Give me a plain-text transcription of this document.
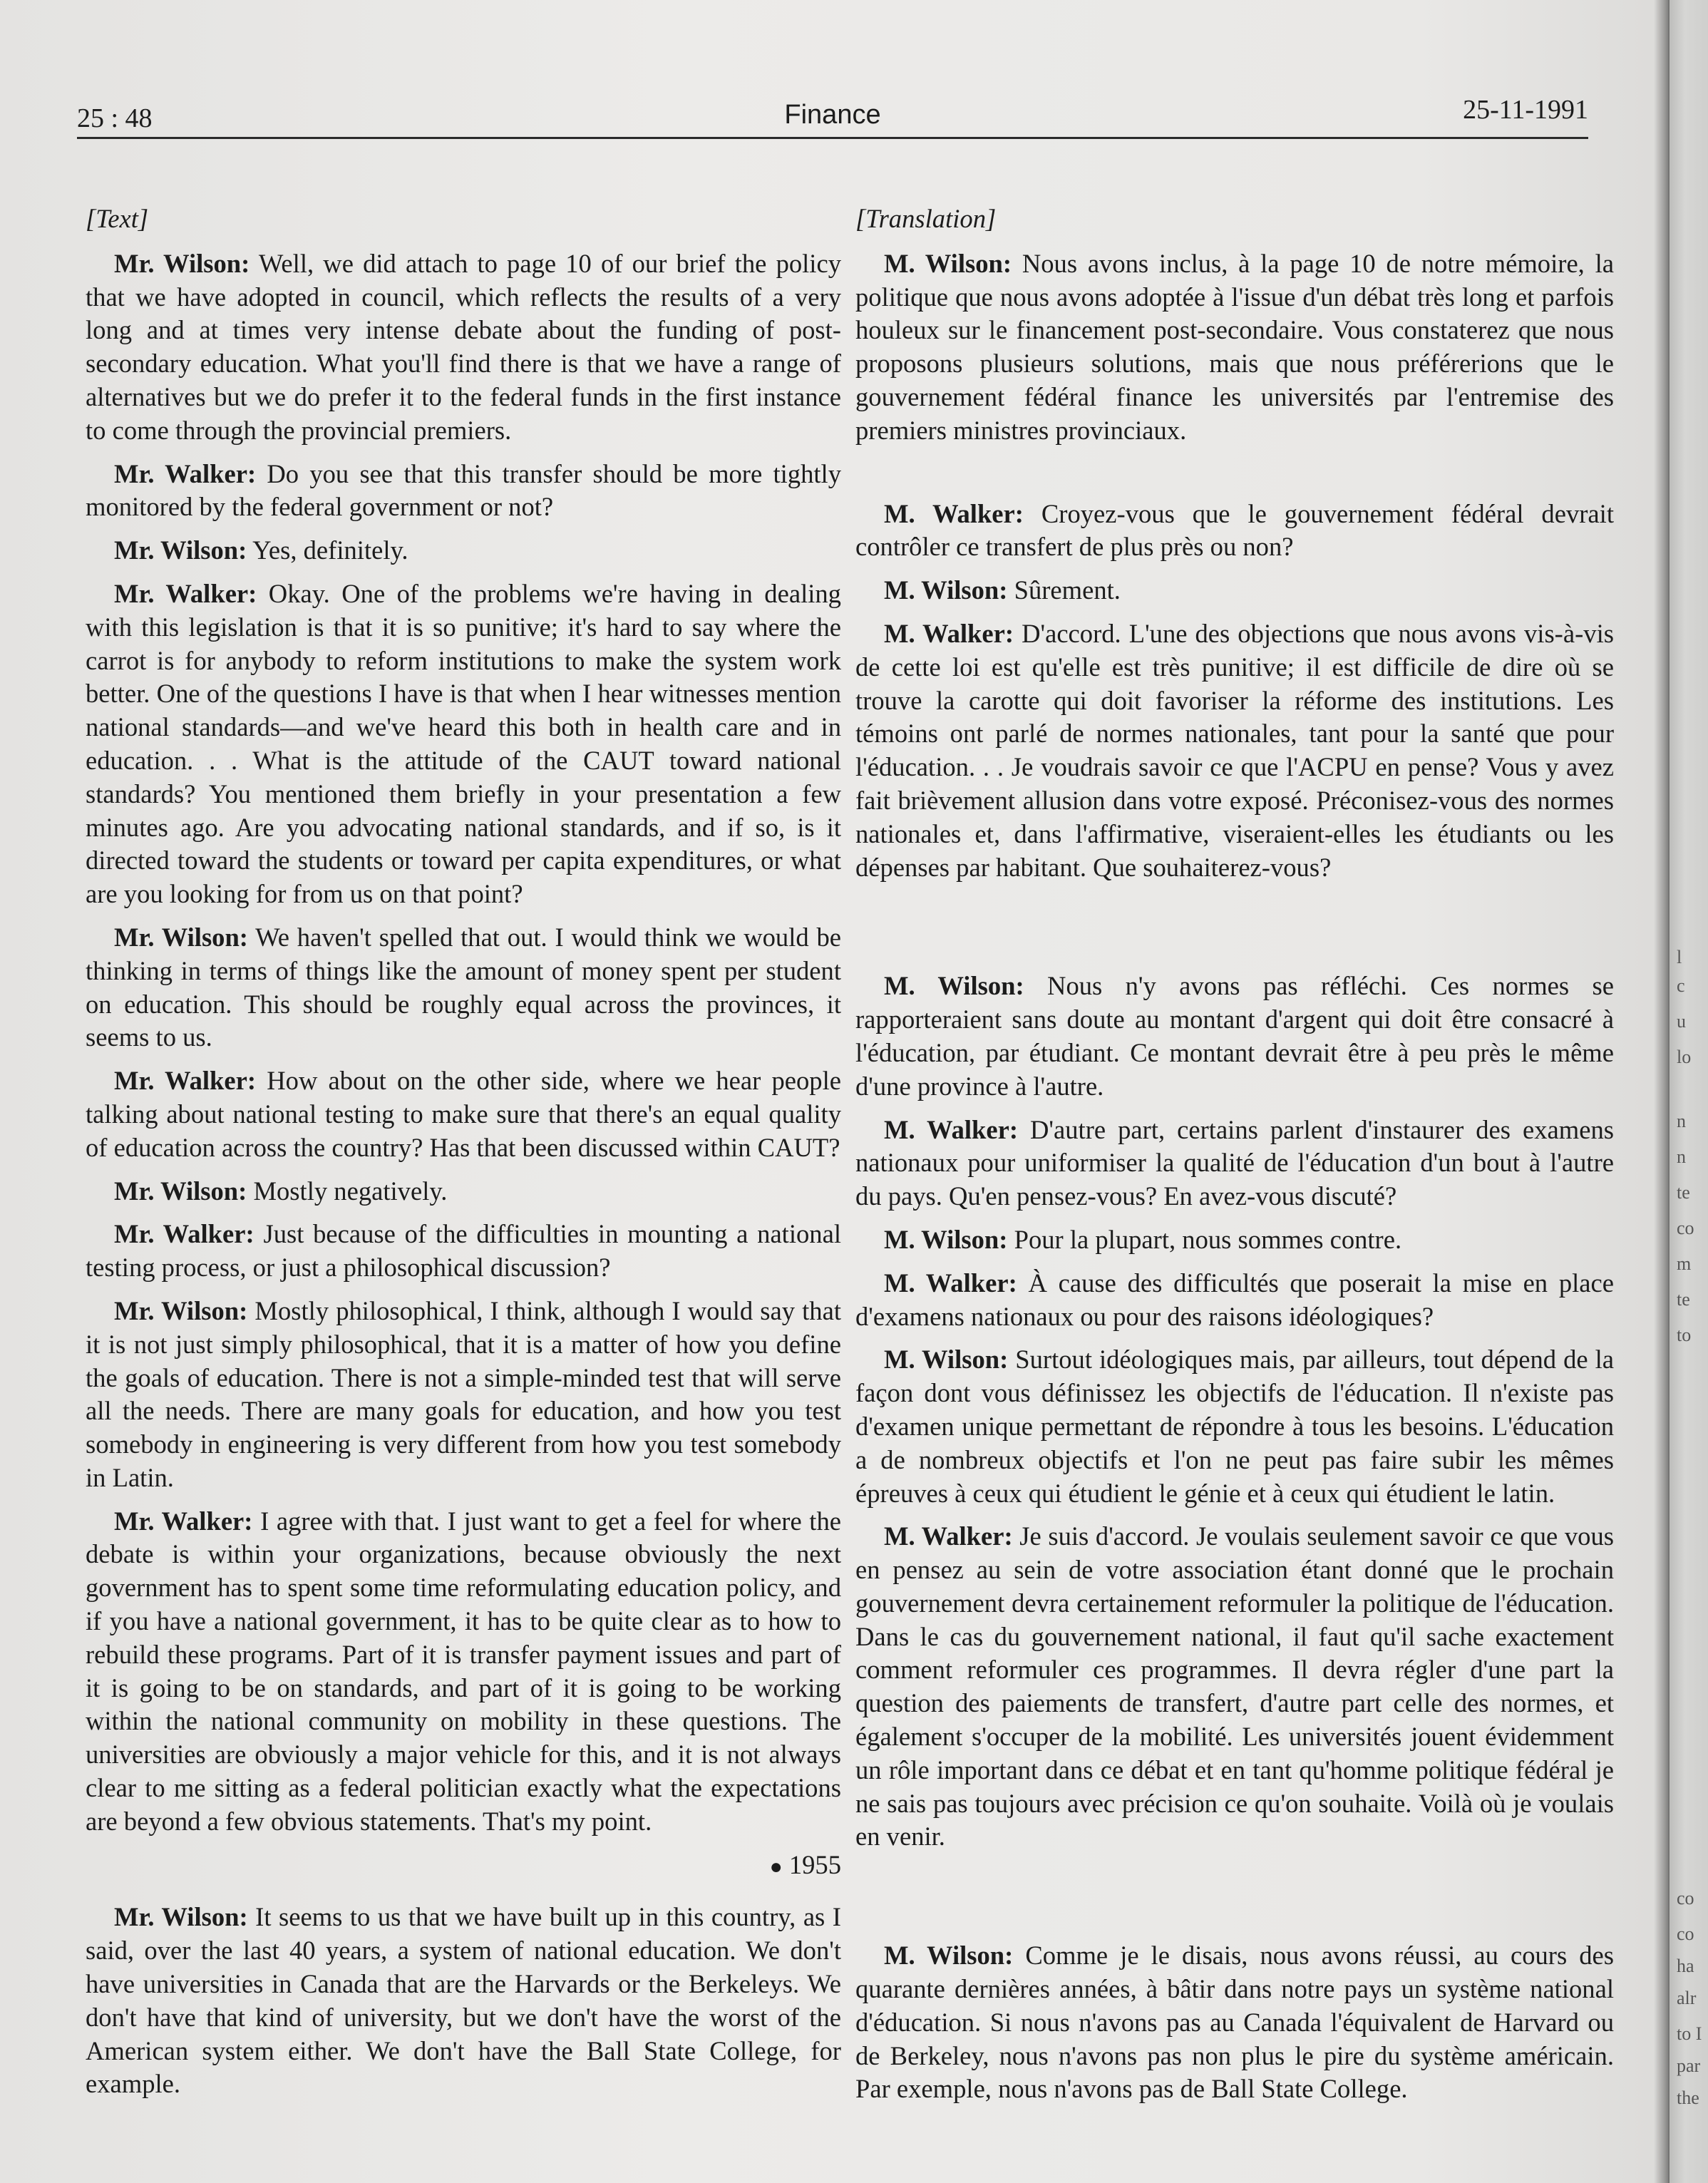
25 : 48	Finance	25-11-1991
[Text]

Mr. Wilson: Well, we did attach to page 10 of our brief the policy that we have adopted in council, which reflects the results of a very long and at times very intense debate about the funding of post-secondary education. What you'll find there is that we have a range of alternatives but we do prefer it to the federal funds in the first instance to come through the provincial premiers.

Mr. Walker: Do you see that this transfer should be more tightly monitored by the federal government or not?

Mr. Wilson: Yes, definitely.

Mr. Walker: Okay. One of the problems we're having in dealing with this legislation is that it is so punitive; it's hard to say where the carrot is for anybody to reform institutions to make the system work better. One of the questions I have is that when I hear witnesses mention national standards—and we've heard this both in health care and in education. . . What is the attitude of the CAUT toward national standards? You mentioned them briefly in your presentation a few minutes ago. Are you advocating national standards, and if so, is it directed toward the students or toward per capita expenditures, or what are you looking for from us on that point?

Mr. Wilson: We haven't spelled that out. I would think we would be thinking in terms of things like the amount of money spent per student on education. This should be roughly equal across the provinces, it seems to us.

Mr. Walker: How about on the other side, where we hear people talking about national testing to make sure that there's an equal quality of education across the country? Has that been discussed within CAUT?

Mr. Wilson: Mostly negatively.

Mr. Walker: Just because of the difficulties in mounting a national testing process, or just a philosophical discussion?

Mr. Wilson: Mostly philosophical, I think, although I would say that it is not just simply philosophical, that it is a matter of how you define the goals of education. There is not a simple-minded test that will serve all the needs. There are many goals for education, and how you test somebody in engineering is very different from how you test somebody in Latin.

Mr. Walker: I agree with that. I just want to get a feel for where the debate is within your organizations, because obviously the next government has to spent some time reformulating education policy, and if you have a national government, it has to be quite clear as to how to rebuild these programs. Part of it is transfer payment issues and part of it is going to be on standards, and part of it is going to be working within the national community on mobility in these questions. The universities are obviously a major vehicle for this, and it is not always clear to me sitting as a federal politician exactly what the expectations are beyond a few obvious statements. That's my point.

● 1955

Mr. Wilson: It seems to us that we have built up in this country, as I said, over the last 40 years, a system of national education. We don't have universities in Canada that are the Harvards or the Berkeleys. We don't have that kind of university, but we don't have the worst of the American system either. We don't have the Ball State College, for example.

[Translation]

M. Wilson: Nous avons inclus, à la page 10 de notre mémoire, la politique que nous avons adoptée à l'issue d'un débat très long et parfois houleux sur le financement post-secondaire. Vous constaterez que nous proposons plusieurs solutions, mais que nous préférerions que le gouvernement fédéral finance les universités par l'entremise des premiers ministres provinciaux.

M. Walker: Croyez-vous que le gouvernement fédéral devrait contrôler ce transfert de plus près ou non?

M. Wilson: Sûrement.

M. Walker: D'accord. L'une des objections que nous avons vis-à-vis de cette loi est qu'elle est très punitive; il est difficile de dire où se trouve la carotte qui doit favoriser la réforme des institutions. Les témoins ont parlé de normes nationales, tant pour la santé que pour l'éducation. . . Je voudrais savoir ce que l'ACPU en pense? Vous y avez fait brièvement allusion dans votre exposé. Préconisez-vous des normes nationales et, dans l'affirmative, viseraient-elles les étudiants ou les dépenses par habitant. Que souhaiterez-vous?

M. Wilson: Nous n'y avons pas réfléchi. Ces normes se rapporteraient sans doute au montant d'argent qui doit être consacré à l'éducation, par étudiant. Ce montant devrait être à peu près le même d'une province à l'autre.

M. Walker: D'autre part, certains parlent d'instaurer des examens nationaux pour uniformiser la qualité de l'éducation d'un bout à l'autre du pays. Qu'en pensez-vous? En avez-vous discuté?

M. Wilson: Pour la plupart, nous sommes contre.

M. Walker: À cause des difficultés que poserait la mise en place d'examens nationaux ou pour des raisons idéologiques?

M. Wilson: Surtout idéologiques mais, par ailleurs, tout dépend de la façon dont vous définissez les objectifs de l'éducation. Il n'existe pas d'examen unique permettant de répondre à tous les besoins. L'éducation a de nombreux objectifs et l'on ne peut pas faire subir les mêmes épreuves à ceux qui étudient le génie et à ceux qui étudient le latin.

M. Walker: Je suis d'accord. Je voulais seulement savoir ce que vous en pensez au sein de votre association étant donné que le prochain gouvernement devra certainement reformuler la politique de l'éducation. Dans le cas du gouvernement national, il faut qu'il sache exactement comment reformuler ces programmes. Il devra régler d'une part la question des paiements de transfert, d'autre part celle des normes, et également s'occuper de la mobilité. Les universités jouent évidemment un rôle important dans ce débat et en tant qu'homme politique fédéral je ne sais pas toujours avec précision ce qu'on souhaite. Voilà où je voulais en venir.

M. Wilson: Comme je le disais, nous avons réussi, au cours des quarante dernières années, à bâtir dans notre pays un système national d'éducation. Si nous n'avons pas au Canada l'équivalent de Harvard ou de Berkeley, nous n'avons pas non plus le pire du système américain. Par exemple, nous n'avons pas de Ball State College.

l
c
u
lo
n
n
te
co
m
te
to
co
co
ha
alr
to I
par
the
